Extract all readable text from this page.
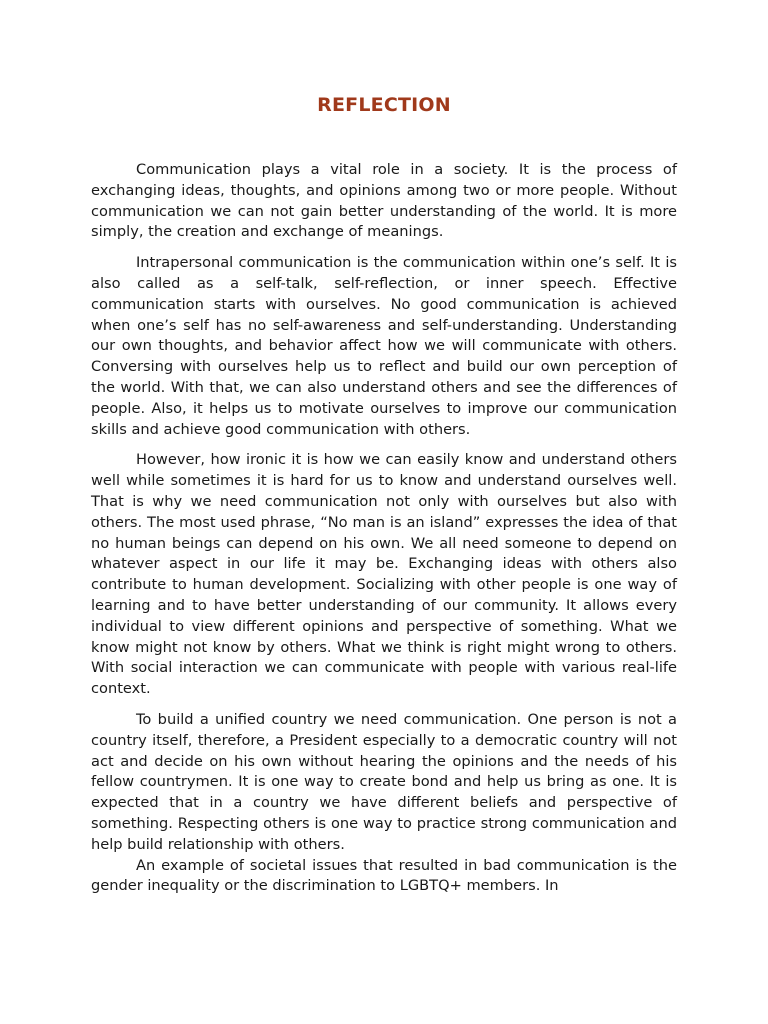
REFLECTION

Communication plays a vital role in a society. It is the process of exchanging ideas, thoughts, and opinions among two or more people. Without communication we can not gain better understanding of the world. It is more simply, the creation and exchange of meanings.

Intrapersonal communication is the communication within one’s self. It is also called as a self-talk, self-reflection, or inner speech. Effective communication starts with ourselves. No good communication is achieved when one’s self has no self-awareness and self-understanding. Understanding our own thoughts, and behavior affect how we will communicate with others. Conversing with ourselves help us to reflect and build our own perception of the world. With that, we can also understand others and see the differences of people. Also, it helps us to motivate ourselves to improve our communication skills and achieve good communication with others.

However, how ironic it is how we can easily know and understand others well while sometimes it is hard for us to know and understand ourselves well. That is why we need communication not only with ourselves but also with others. The most used phrase, “No man is an island” expresses the idea of that no human beings can depend on his own. We all need someone to depend on whatever aspect in our life it may be. Exchanging ideas with others also contribute to human development. Socializing with other people is one way of learning and to have better understanding of our community. It allows every individual to view different opinions and perspective of something. What we know might not know by others. What we think is right might wrong to others. With social interaction we can communicate with people with various real-life context.

To build a unified country we need communication. One person is not a country itself, therefore, a President especially to a democratic country will not act and decide on his own without hearing the opinions and the needs of his fellow countrymen. It is one way to create bond and help us bring as one. It is expected that in a country we have different beliefs and perspective of something. Respecting others is one way to practice strong communication and help build relationship with others.

An example of societal issues that resulted in bad communication is the gender inequality or the discrimination to LGBTQ+ members. In
